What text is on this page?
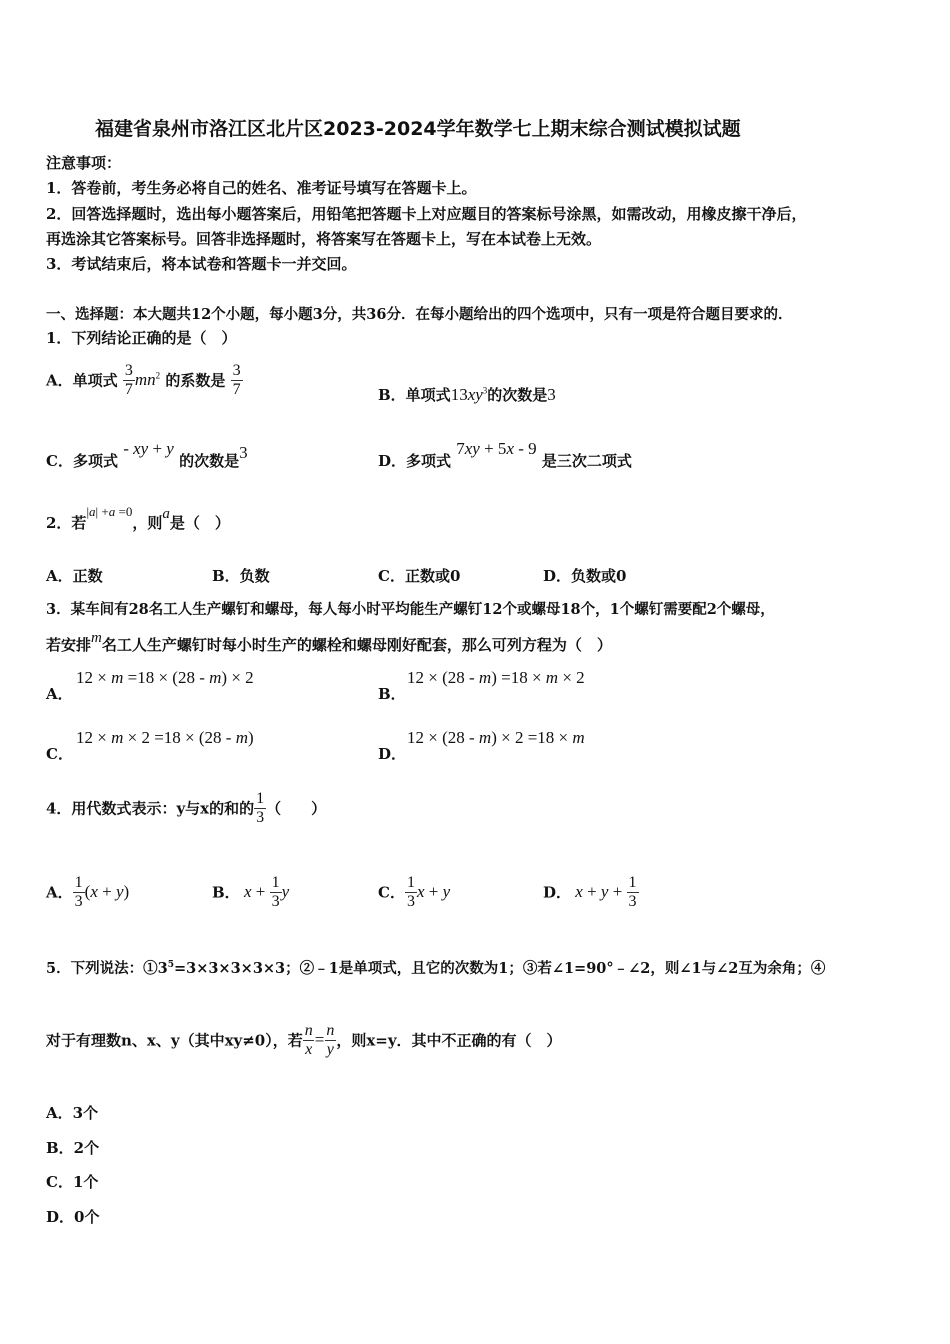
福建省泉州市洛江区北片区2023-2024学年数学七上期末综合测试模拟试题
注意事项：
1．答卷前，考生务必将自己的姓名、准考证号填写在答题卡上。
2．回答选择题时，选出每小题答案后，用铅笔把答题卡上对应题目的答案标号涂黑，如需改动，用橡皮擦干净后，
再选涂其它答案标号。回答非选择题时，将答案写在答题卡上，写在本试卷上无效。
3．考试结束后，将本试卷和答题卡一并交回。
一、选择题：本大题共12个小题，每小题3分，共36分．在每小题给出的四个选项中，只有一项是符合题目要求的．
1．下列结论正确的是（　）
A．单项式 $\frac{3}{7} mn^2$ 的系数是 $\frac{3}{7}$	B．单项式$13xy^3$的次数是3
C．多项式 - xy + y 的次数是3	D．多项式 7xy + 5x - 9 是三次二项式
2．若|a| +a =0，则a是（　）
A．正数	B．负数	C．正数或0	D．负数或0
3．某车间有28名工人生产螺钉和螺母，每人每小时平均能生产螺钉12个或螺母18个，1个螺钉需要配2个螺母，
若安排m名工人生产螺钉时每小时生产的螺栓和螺母刚好配套，那么可列方程为（　）
A．
12 × m =18 × (28 - m) × 2
B．
12 × (28 - m) =18 × m × 2
C．
12 × m × 2 =18 × (28 - m)
D．
12 × (28 - m) × 2 =18 × m
4．用代数式表示：y与x的和的 $\frac{1}{3}$ （　　）
A． $\frac{1}{3} (x + y)$	B． $x + \frac{1}{3}$ y	C． $\frac{1}{3}$ x + y	D． $x + y + \frac{1}{3}$
5．下列说法：$①3^5=3\times 3\times 3\times 3\times 3$；②﹣1是单项式，且它的次数为1；③若∠1=90°﹣∠2，则∠1与∠2互为余角；④
对于有理数n、x、y（其中xy≠0），若 $\frac{n}{x} = \frac{n}{y}$ ，则x=y．其中不正确的有（　）
A．3个
B．2个
C．1个
D．0个
